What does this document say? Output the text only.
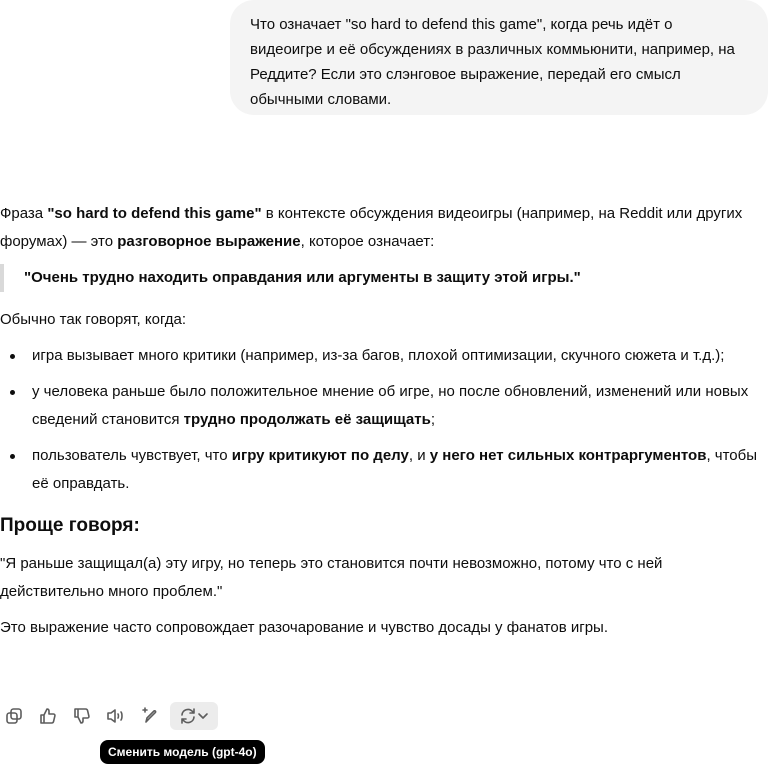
Что означает "so hard to defend this game", когда речь идёт о видеоигре и её обсуждениях в различных коммьюнити, например, на Реддите? Если это слэнговое выражение, передай его смысл обычными словами.

Фраза "so hard to defend this game" в контексте обсуждения видеоигры (например, на Reddit или других форумах) — это разговорное выражение, которое означает:

"Очень трудно находить оправдания или аргументы в защиту этой игры."

Обычно так говорят, когда:

игра вызывает много критики (например, из-за багов, плохой оптимизации, скучного сюжета и т.д.);
у человека раньше было положительное мнение об игре, но после обновлений, изменений или новых сведений становится трудно продолжать её защищать;
пользователь чувствует, что игру критикуют по делу, и у него нет сильных контраргументов, чтобы её оправдать.
Проще говоря:

"Я раньше защищал(а) эту игру, но теперь это становится почти невозможно, потому что с ней действительно много проблем."

Это выражение часто сопровождает разочарование и чувство досады у фанатов игры.

Сменить модель (gpt-4o)
